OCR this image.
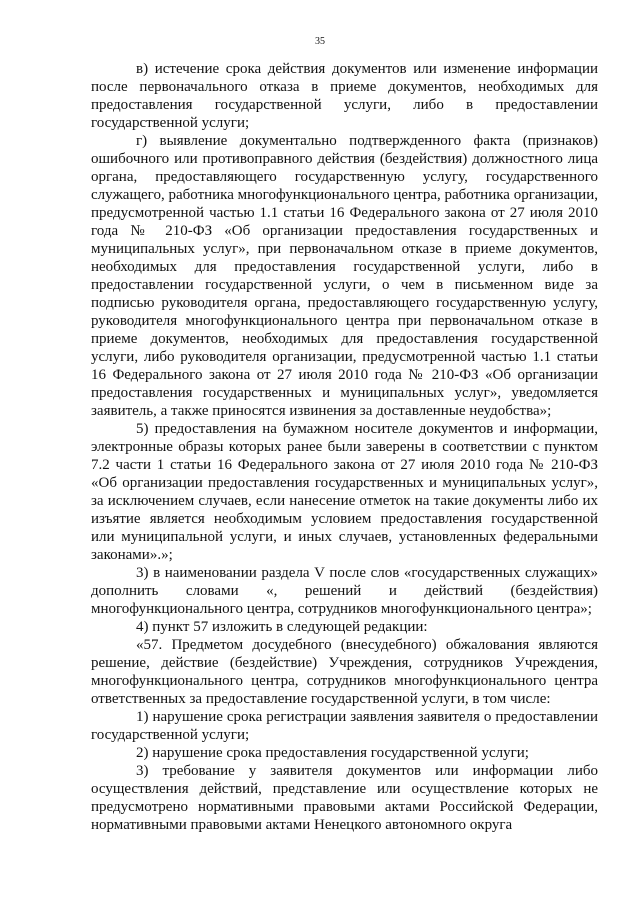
35

в) истечение срока действия документов или изменение информации после первоначального отказа в приеме документов, необходимых для предоставления государственной услуги, либо в предоставлении государственной услуги;

г) выявление документально подтвержденного факта (признаков) ошибочного или противоправного действия (бездействия) должностного лица органа, предоставляющего государственную услугу, государственного служащего, работника многофункционального центра, работника организации, предусмотренной частью 1.1 статьи 16 Федерального закона от 27 июля 2010 года № 210-ФЗ «Об организации предоставления государственных и муниципальных услуг», при первоначальном отказе в приеме документов, необходимых для предоставления государственной услуги, либо в предоставлении государственной услуги, о чем в письменном виде за подписью руководителя органа, предоставляющего государственную услугу, руководителя многофункционального центра при первоначальном отказе в приеме документов, необходимых для предоставления государственной услуги, либо руководителя организации, предусмотренной частью 1.1 статьи 16 Федерального закона от 27 июля 2010 года № 210-ФЗ «Об организации предоставления государственных и муниципальных услуг», уведомляется заявитель, а также приносятся извинения за доставленные неудобства»;

5) предоставления на бумажном носителе документов и информации, электронные образы которых ранее были заверены в соответствии с пунктом 7.2 части 1 статьи 16 Федерального закона от 27 июля 2010 года № 210-ФЗ «Об организации предоставления государственных и муниципальных услуг», за исключением случаев, если нанесение отметок на такие документы либо их изъятие является необходимым условием предоставления государственной или муниципальной услуги, и иных случаев, установленных федеральными законами».»;

3) в наименовании раздела V после слов «государственных служащих» дополнить словами «, решений и действий (бездействия) многофункционального центра, сотрудников многофункционального центра»;

4) пункт 57 изложить в следующей редакции:

«57. Предметом досудебного (внесудебного) обжалования являются решение, действие (бездействие) Учреждения, сотрудников Учреждения, многофункционального центра, сотрудников многофункционального центра ответственных за предоставление государственной услуги, в том числе:

1) нарушение срока регистрации заявления заявителя о предоставлении государственной услуги;

2) нарушение срока предоставления государственной услуги;

3) требование у заявителя документов или информации либо осуществления действий, представление или осуществление которых не предусмотрено нормативными правовыми актами Российской Федерации, нормативными правовыми актами Ненецкого автономного округа
